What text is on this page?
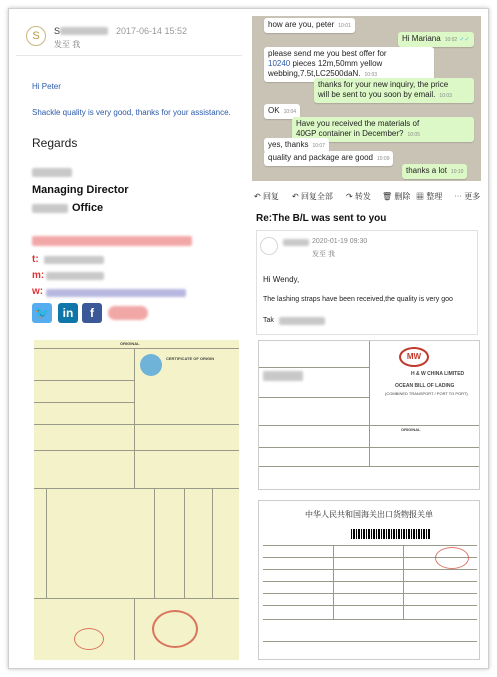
S	S	2017-06-14 15:52
发至 我
Hi Peter
Shackle quality is very good, thanks for your assistance.
Regards
Managing Director
Office
t:
m:
w:
🐦	in	f
how are you, peter 10:01
Hi Mariana 10:02 ✓✓
please send me you best offer for
10240 pieces 12m,50mm yellow
webbing,7.5t,LC2500daN. 10:03
thanks for your new inquiry, the price
will be sent to you soon by email. 10:03
OK 10:04
Have you received the materials of
40GP container in December? 10:05
yes, thanks 10:07
quality and package are good 10:09
thanks a lot 10:10
↶ 回复 ↶ 回复全部 ↷ 转发 🗑 删除 ▦ 整理 ⋯ 更多
Re:The B/L was sent to you
2020-01-19 09:30
发至 我
Hi Wendy,
The lashing straps have been received,the quality is very goo
Tak
ORIGINAL
CERTIFICATE OF ORIGIN	MW
H & W CHINA LIMITED
OCEAN BILL OF LADING
(COMBINED TRANSPORT / PORT TO PORT)
ORIGINAL
中华人民共和国海关出口货物报关单
